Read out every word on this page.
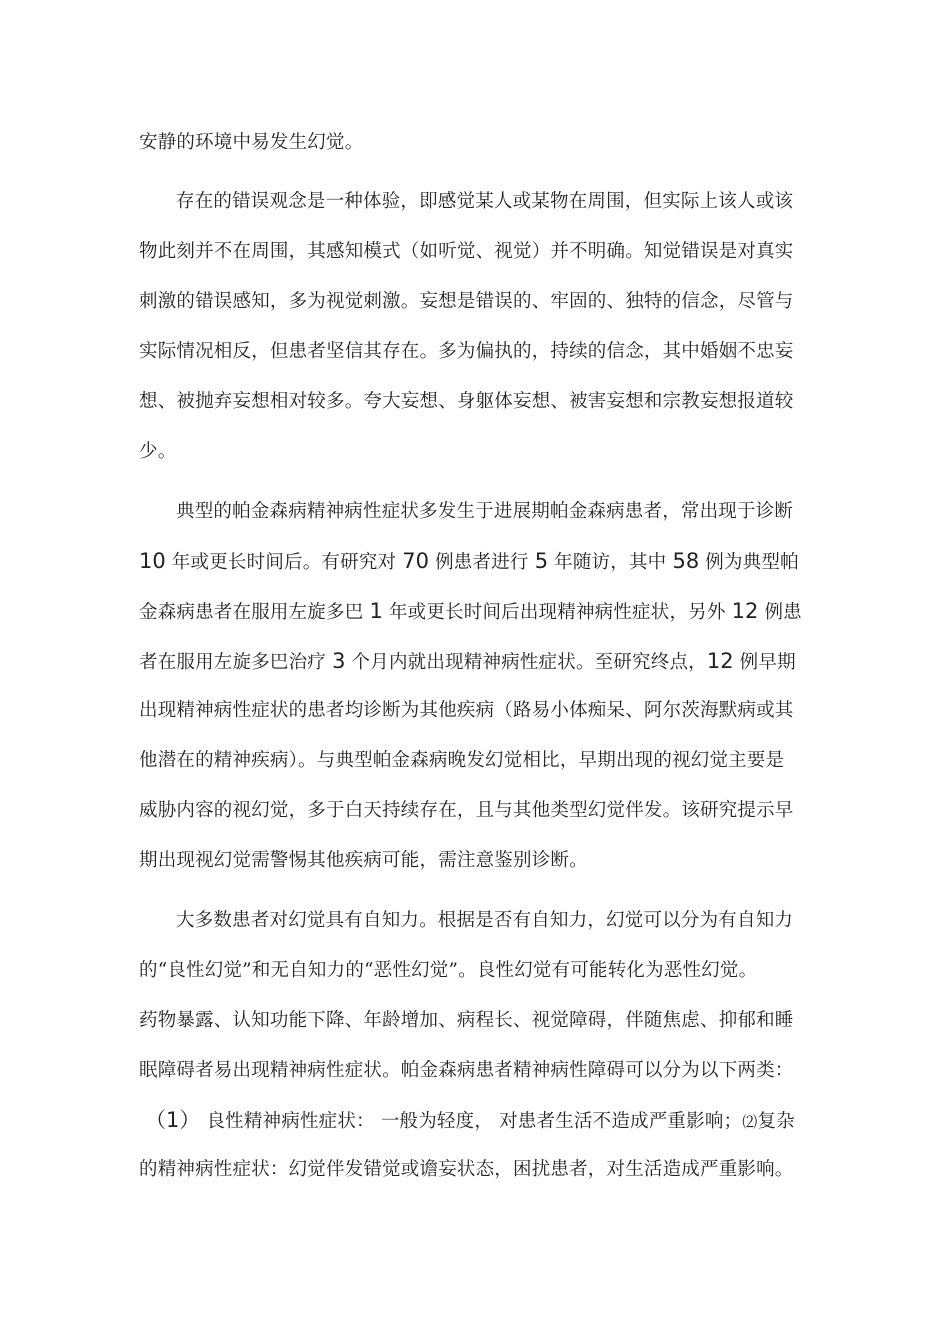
安静的环境中易发生幻觉。
存在的错误观念是一种体验，即感觉某人或某物在周围，但实际上该人或该
物此刻并不在周围，其感知模式（如听觉、视觉）并不明确。知觉错误是对真实
刺激的错误感知，多为视觉刺激。妄想是错误的、牢固的、独特的信念，尽管与
实际情况相反，但患者坚信其存在。多为偏执的，持续的信念，其中婚姻不忠妄
想、被抛弃妄想相对较多。夸大妄想、身躯体妄想、被害妄想和宗教妄想报道较
少。
典型的帕金森病精神病性症状多发生于进展期帕金森病患者，常出现于诊断
10 年或更长时间后。有研究对 70 例患者进行 5 年随访，其中 58 例为典型帕
金森病患者在服用左旋多巴 1 年或更长时间后出现精神病性症状，另外 12 例患
者在服用左旋多巴治疗 3 个月内就出现精神病性症状。至研究终点，12 例早期
出现精神病性症状的患者均诊断为其他疾病（路易小体痴呆、阿尔茨海默病或其
他潜在的精神疾病）。与典型帕金森病晚发幻觉相比，早期出现的视幻觉主要是
威胁内容的视幻觉，多于白天持续存在，且与其他类型幻觉伴发。该研究提示早
期出现视幻觉需警惕其他疾病可能，需注意鉴别诊断。
大多数患者对幻觉具有自知力。根据是否有自知力，幻觉可以分为有自知力
的“良性幻觉”和无自知力的“恶性幻觉”。良性幻觉有可能转化为恶性幻觉。
药物暴露、认知功能下降、年龄增加、病程长、视觉障碍，伴随焦虑、抑郁和睡
眠障碍者易出现精神病性症状。帕金森病患者精神病性障碍可以分为以下两类：
（1） 良性精神病性症状： 一般为轻度， 对患者生活不造成严重影响；⑵复杂
的精神病性症状：幻觉伴发错觉或谵妄状态，困扰患者，对生活造成严重影响。
